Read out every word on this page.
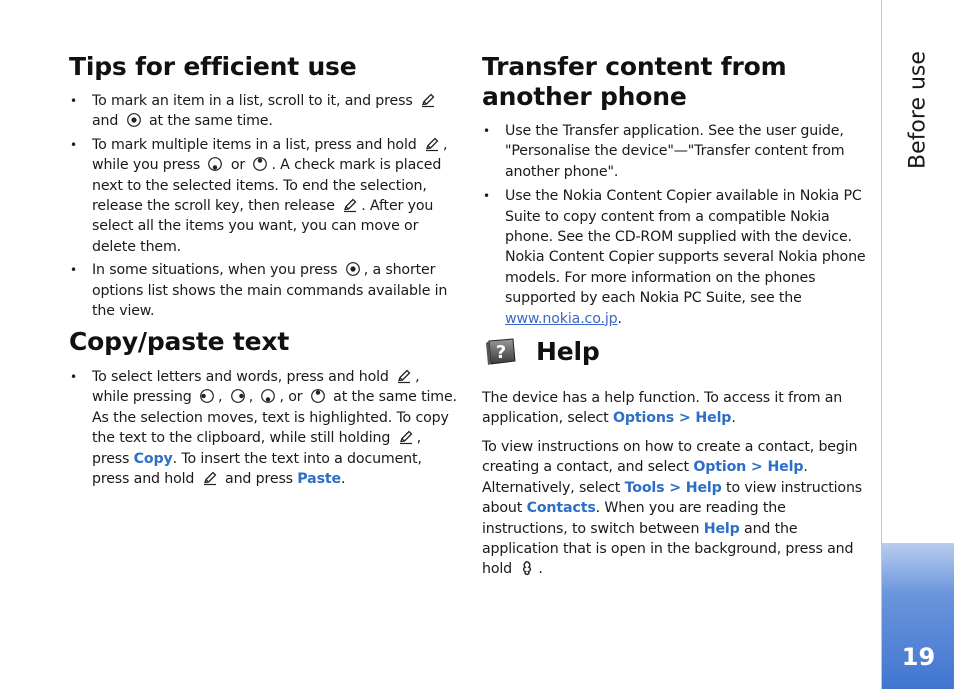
Tips for efficient use
• To mark an item in a list, scroll to it, and press
and at the same time.
• To mark multiple items in a list, press and hold , while you press or . A check mark is placed next to the selected items. To end the selection, release the scroll key, then release . After you select all the items you want, you can move or delete them.
• In some situations, when you press , a shorter options list shows the main commands available in the view.
Copy/paste text
• To select letters and words, press and hold , while pressing , , , or at the same time. As the selection moves, text is highlighted. To copy the text to the clipboard, while still holding , press Copy. To insert the text into a document, press and hold and press Paste.
Transfer content from another phone
• Use the Transfer application. See the user guide, "Personalise the device"—"Transfer content from another phone".
• Use the Nokia Content Copier available in Nokia PC Suite to copy content from a compatible Nokia phone. See the CD-ROM supplied with the device. Nokia Content Copier supports several Nokia phone models. For more information on the phones supported by each Nokia PC Suite, see the www.nokia.co.jp.
? Help

The device has a help function. To access it from an application, select Options > Help.

To view instructions on how to create a contact, begin creating a contact, and select Option > Help. Alternatively, select Tools > Help to view instructions about Contacts. When you are reading the instructions, to switch between Help and the application that is open in the background, press and hold .

Before use
19
